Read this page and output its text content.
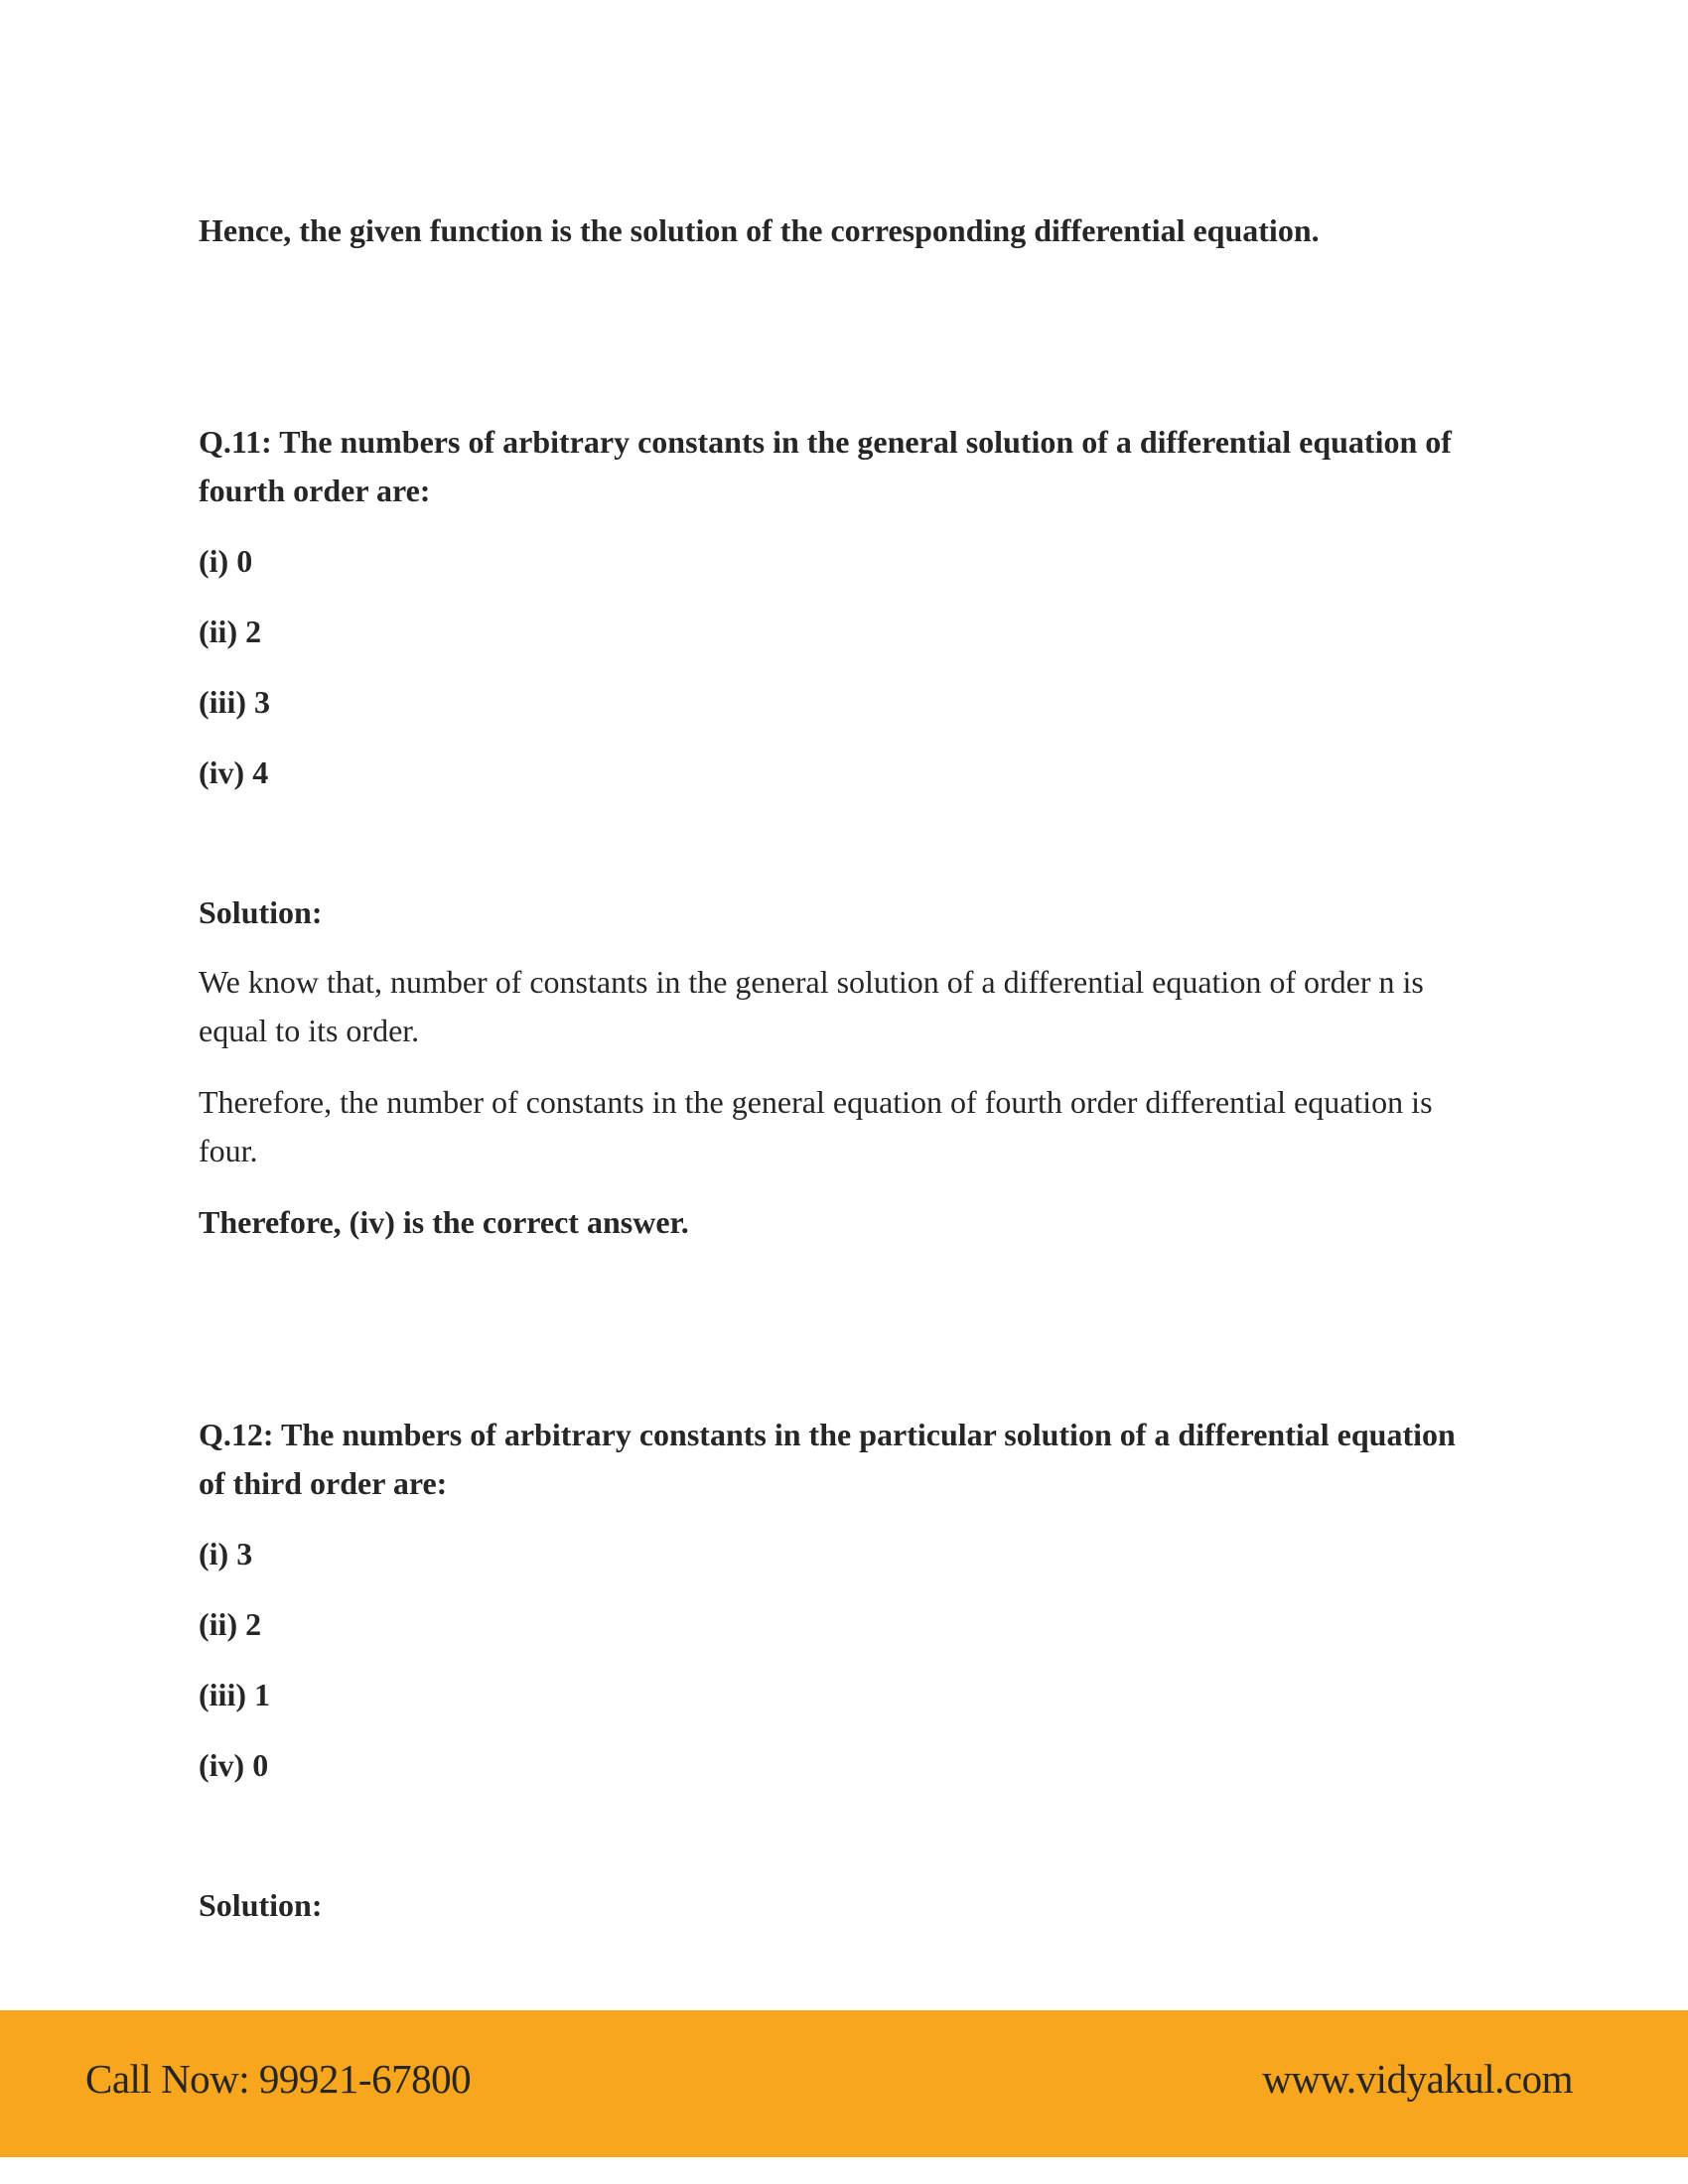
Hence, the given function is the solution of the corresponding differential equation.

Q.11: The numbers of arbitrary constants in the general solution of a differential equation of fourth order are:

(i) 0

(ii) 2

(iii) 3

(iv) 4

Solution:

We know that, number of constants in the general solution of a differential equation of order n is equal to its order.

Therefore, the number of constants in the general equation of fourth order differential equation is four.

Therefore, (iv) is the correct answer.

Q.12: The numbers of arbitrary constants in the particular solution of a differential equation of third order are:

(i) 3

(ii) 2

(iii) 1

(iv) 0

Solution:

Call Now: 99921-67800	www.vidyakul.com
